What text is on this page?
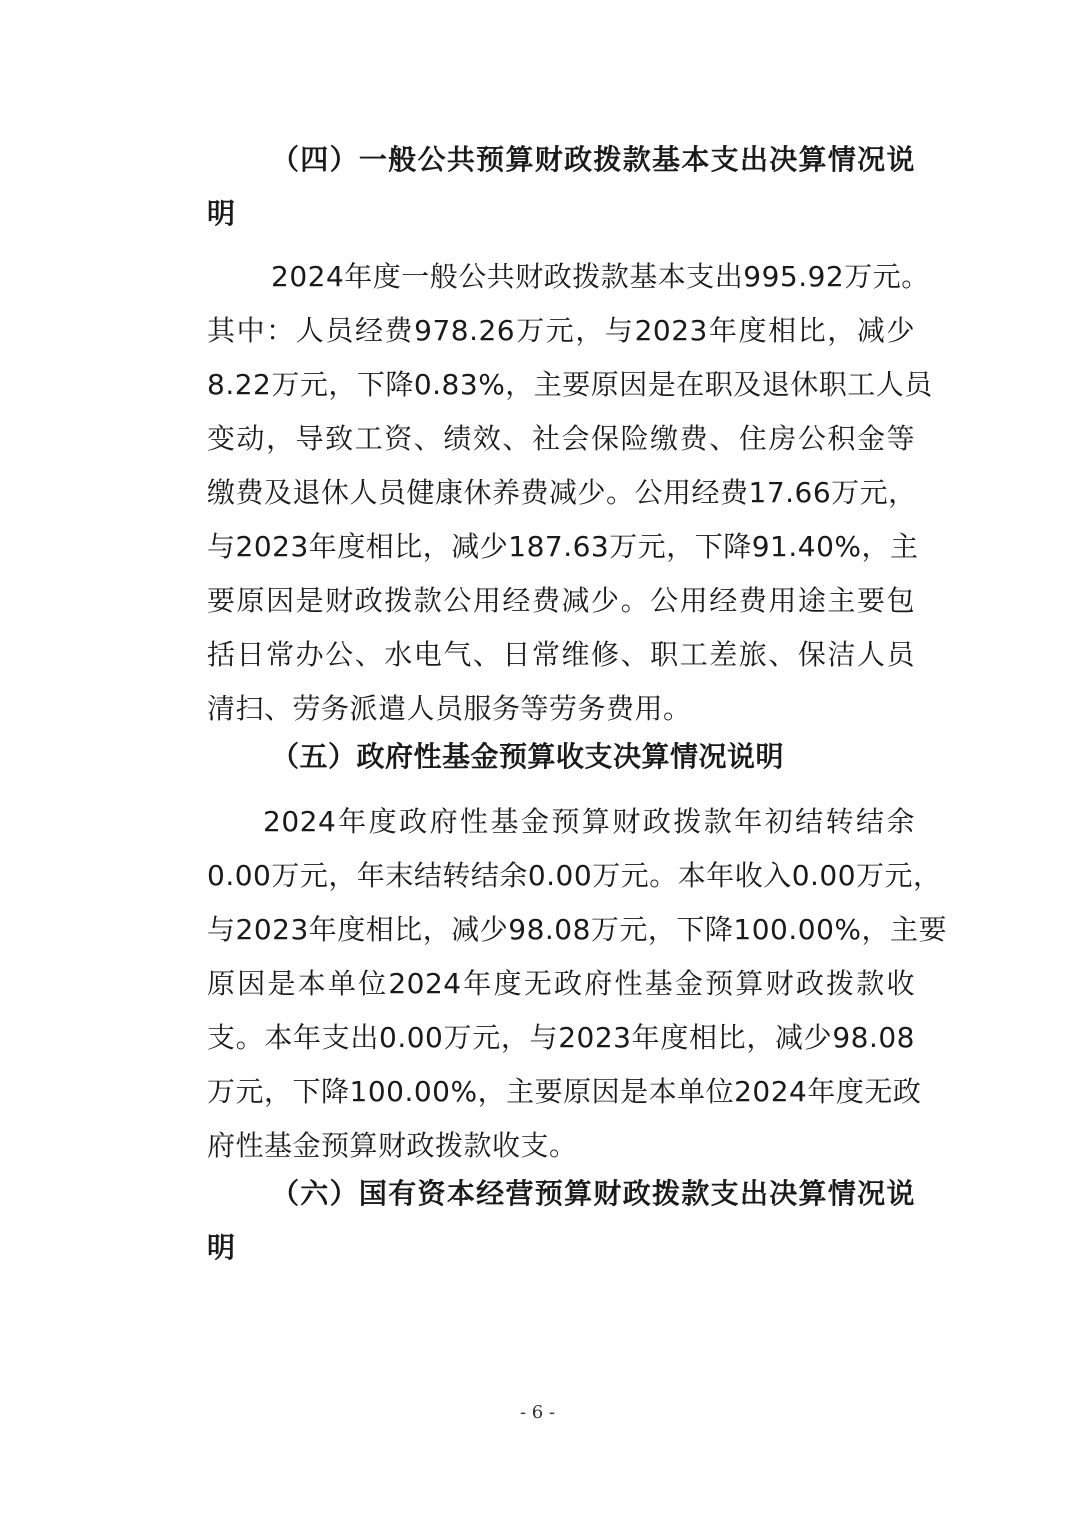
（四）一般公共预算财政拨款基本支出决算情况说
明
2024年度一般公共财政拨款基本支出995.92万元。
其中：人员经费978.26万元，与2023年度相比，减少
8.22万元，下降0.83%，主要原因是在职及退休职工人员
变动，导致工资、绩效、社会保险缴费、住房公积金等
缴费及退休人员健康休养费减少。公用经费17.66万元，
与2023年度相比，减少187.63万元，下降91.40%，主
要原因是财政拨款公用经费减少。公用经费用途主要包
括日常办公、水电气、日常维修、职工差旅、保洁人员
清扫、劳务派遣人员服务等劳务费用。
（五）政府性基金预算收支决算情况说明
2024年度政府性基金预算财政拨款年初结转结余
0.00万元，年末结转结余0.00万元。本年收入0.00万元，
与2023年度相比，减少98.08万元，下降100.00%，主要
原因是本单位2024年度无政府性基金预算财政拨款收
支。本年支出0.00万元，与2023年度相比，减少98.08
万元，下降100.00%，主要原因是本单位2024年度无政
府性基金预算财政拨款收支。
（六）国有资本经营预算财政拨款支出决算情况说
明
- 6 -
